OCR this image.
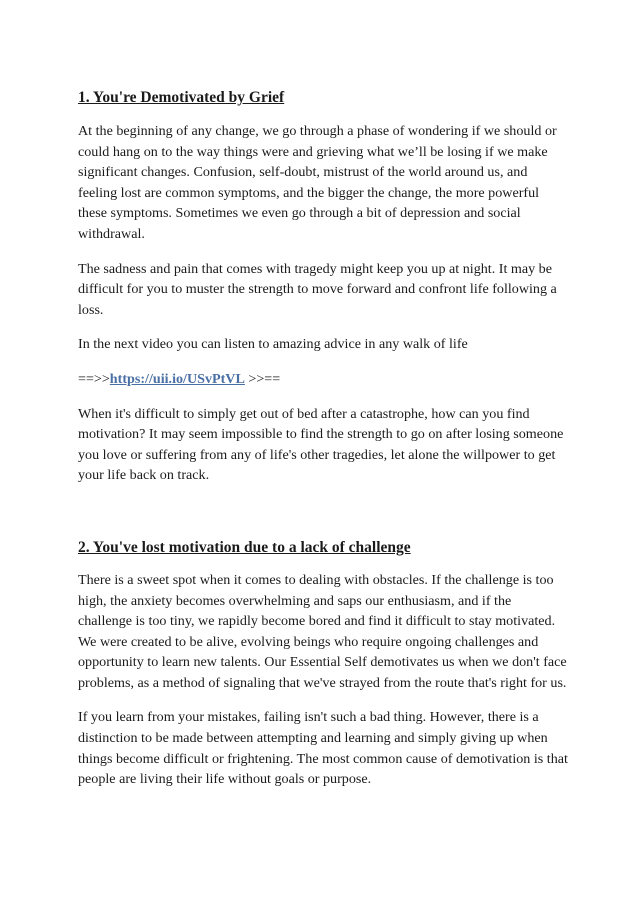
1. You're Demotivated by Grief

At the beginning of any change, we go through a phase of wondering if we should or could hang on to the way things were and grieving what we’ll be losing if we make significant changes. Confusion, self-doubt, mistrust of the world around us, and feeling lost are common symptoms, and the bigger the change, the more powerful these symptoms. Sometimes we even go through a bit of depression and social withdrawal.

The sadness and pain that comes with tragedy might keep you up at night. It may be difficult for you to muster the strength to move forward and confront life following a loss.

In the next video you can listen to amazing advice in any walk of life

==>>https://uii.io/USvPtVL >>==

When it's difficult to simply get out of bed after a catastrophe, how can you find motivation? It may seem impossible to find the strength to go on after losing someone you love or suffering from any of life's other tragedies, let alone the willpower to get your life back on track.

2. You've lost motivation due to a lack of challenge

There is a sweet spot when it comes to dealing with obstacles. If the challenge is too high, the anxiety becomes overwhelming and saps our enthusiasm, and if the challenge is too tiny, we rapidly become bored and find it difficult to stay motivated. We were created to be alive, evolving beings who require ongoing challenges and opportunity to learn new talents. Our Essential Self demotivates us when we don't face problems, as a method of signaling that we've strayed from the route that's right for us.

If you learn from your mistakes, failing isn't such a bad thing. However, there is a distinction to be made between attempting and learning and simply giving up when things become difficult or frightening. The most common cause of demotivation is that people are living their life without goals or purpose.
